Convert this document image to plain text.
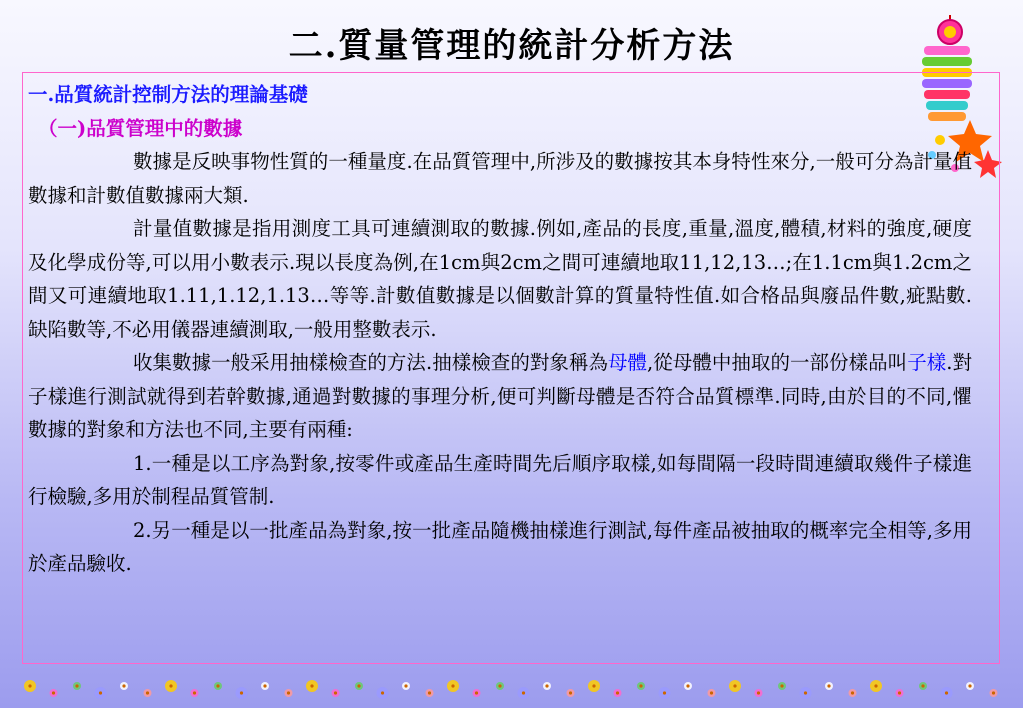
二.質量管理的統計分析方法

一.品質統計控制方法的理論基礎

（一)品質管理中的數據

數據是反映事物性質的一種量度.在品質管理中,所涉及的數據按其本身特性來分,一般可分為計量值數據和計數值數據兩大類.

計量值數據是指用測度工具可連續測取的數據.例如,產品的長度,重量,溫度,體積,材料的強度,硬度及化學成份等,可以用小數表示.現以長度為例,在1cm與2cm之間可連續地取11,12,13…;在1.1cm與1.2cm之間又可連續地取1.11,1.12,1.13…等等.計數值數據是以個數計算的質量特性值.如合格品與廢品件數,疵點數.缺陷數等,不必用儀器連續測取,一般用整數表示.

收集數據一般采用抽樣檢查的方法.抽樣檢查的對象稱為母體,從母體中抽取的一部份樣品叫子樣.對子樣進行測試就得到若幹數據,通過對數據的事理分析,便可判斷母體是否符合品質標準.同時,由於目的不同,懼數據的對象和方法也不同,主要有兩種:

1.一種是以工序為對象,按零件或產品生產時間先后順序取樣,如每間隔一段時間連續取幾件子樣進行檢驗,多用於制程品質管制.

2.另一種是以一批產品為對象,按一批產品隨機抽樣進行測試,每件產品被抽取的概率完全相等,多用於產品驗收.
